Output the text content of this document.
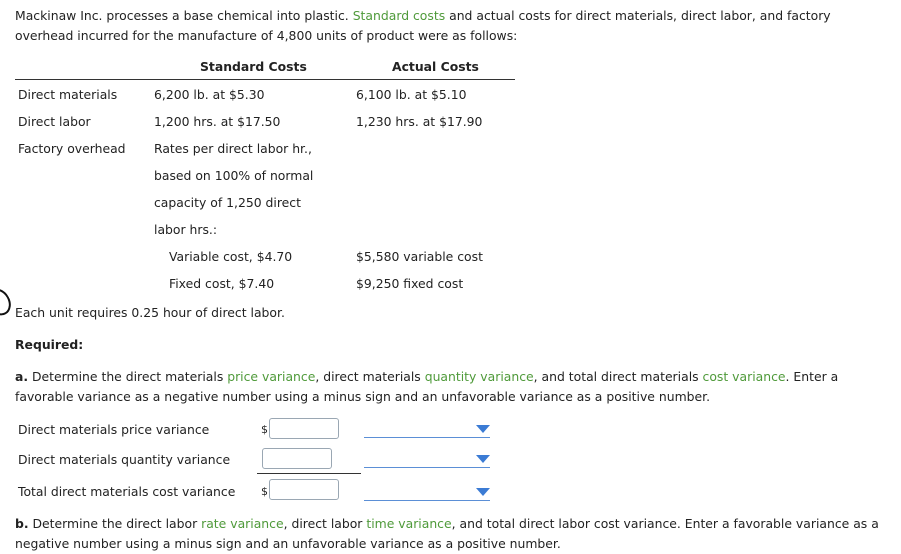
Mackinaw Inc. processes a base chemical into plastic. Standard costs and actual costs for direct materials, direct labor, and factory overhead incurred for the manufacture of 4,800 units of product were as follows:
Standard Costs	Actual Costs
Direct materials	6,200 lb. at $5.30	6,100 lb. at $5.10
Direct labor	1,200 hrs. at $17.50	1,230 hrs. at $17.90
Factory overhead Rates per direct labor hr.,
based on 100% of normal
capacity of 1,250 direct
labor hrs.:
Variable cost, $4.70	$5,580 variable cost
Fixed cost, $7.40	$9,250 fixed cost
Each unit requires 0.25 hour of direct labor.
Required:
a. Determine the direct materials price variance, direct materials quantity variance, and total direct materials cost variance. Enter a favorable variance as a negative number using a minus sign and an unfavorable variance as a positive number.
Direct materials price variance	$
Direct materials quantity variance
Total direct materials cost variance $
b. Determine the direct labor rate variance, direct labor time variance, and total direct labor cost variance. Enter a favorable variance as a negative number using a minus sign and an unfavorable variance as a positive number.
